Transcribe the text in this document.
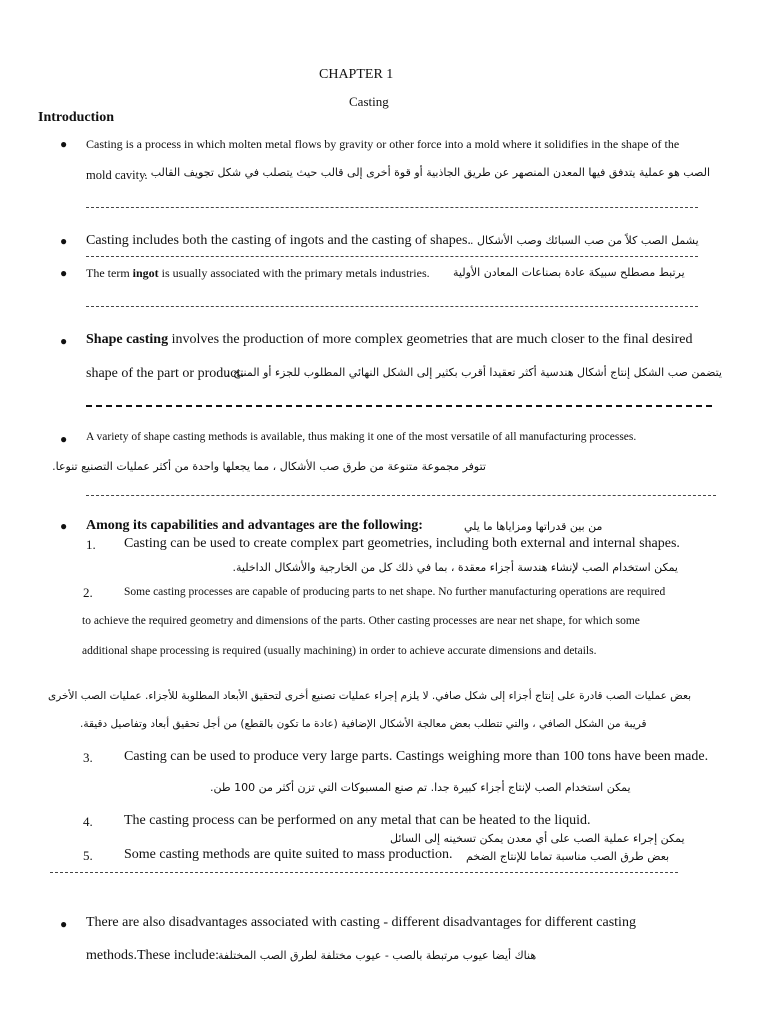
CHAPTER 1
Casting
Introduction
● Casting is a process in which molten metal flows by gravity or other force into a mold where it solidifies in the shape of the
mold cavity.
الصب هو عملية يتدفق فيها المعدن المنصهر عن طريق الجاذبية أو قوة أخرى إلى قالب حيث يتصلب في شكل تجويف القالب .
● Casting includes both the casting of ingots and the casting of shapes. يشمل الصب كلاً من صب السبائك وصب الأشكال .
● The term ingot is usually associated with the primary metals industries. يرتبط مصطلح سبيكة عادة بصناعات المعادن الأولية
● Shape casting involves the production of more complex geometries that are much closer to the final desired
shape of the part or product.
يتضمن صب الشكل إنتاج أشكال هندسية أكثر تعقيدا أقرب بكثير إلى الشكل النهائي المطلوب للجزء أو المنتج .
● A variety of shape casting methods is available, thus making it one of the most versatile of all manufacturing processes.
تتوفر مجموعة متنوعة من طرق صب الأشكال ، مما يجعلها واحدة من أكثر عمليات التصنيع تنوعا.
● Among its capabilities and advantages are the following:	من بين قدراتها ومزاياها ما يلي
1. Casting can be used to create complex part geometries, including both external and internal shapes.
يمكن استخدام الصب لإنشاء هندسة أجزاء معقدة ، بما في ذلك كل من الخارجية والأشكال الداخلية.
2.	Some casting processes are capable of producing parts to net shape. No further manufacturing operations are required
to achieve the required geometry and dimensions of the parts. Other casting processes are near net shape, for which some
additional shape processing is required (usually machining) in order to achieve accurate dimensions and details.
بعض عمليات الصب قادرة على إنتاج أجزاء إلى شكل صافي. لا يلزم إجراء عمليات تصنيع أخرى لتحقيق الأبعاد المطلوبة للأجزاء. عمليات الصب الأخرى
قريبة من الشكل الصافي ، والتي تتطلب بعض معالجة الأشكال الإضافية (عادة ما تكون بالقطع) من أجل تحقيق أبعاد وتفاصيل دقيقة.
3. Casting can be used to produce very large parts. Castings weighing more than 100 tons have been made.
يمكن استخدام الصب لإنتاج أجزاء كبيرة جدا. تم صنع المسبوكات التي تزن أكثر من 100 طن.
4. The casting process can be performed on any metal that can be heated to the liquid.
يمكن إجراء عملية الصب على أي معدن يمكن تسخينه إلى السائل
5. Some casting methods are quite suited to mass production. بعض طرق الصب مناسبة تماما للإنتاج الضخم
● There are also disadvantages associated with casting - different disadvantages for different casting
methods.These include: هناك أيضا عيوب مرتبطة بالصب - عيوب مختلفة لطرق الصب المختلفة
